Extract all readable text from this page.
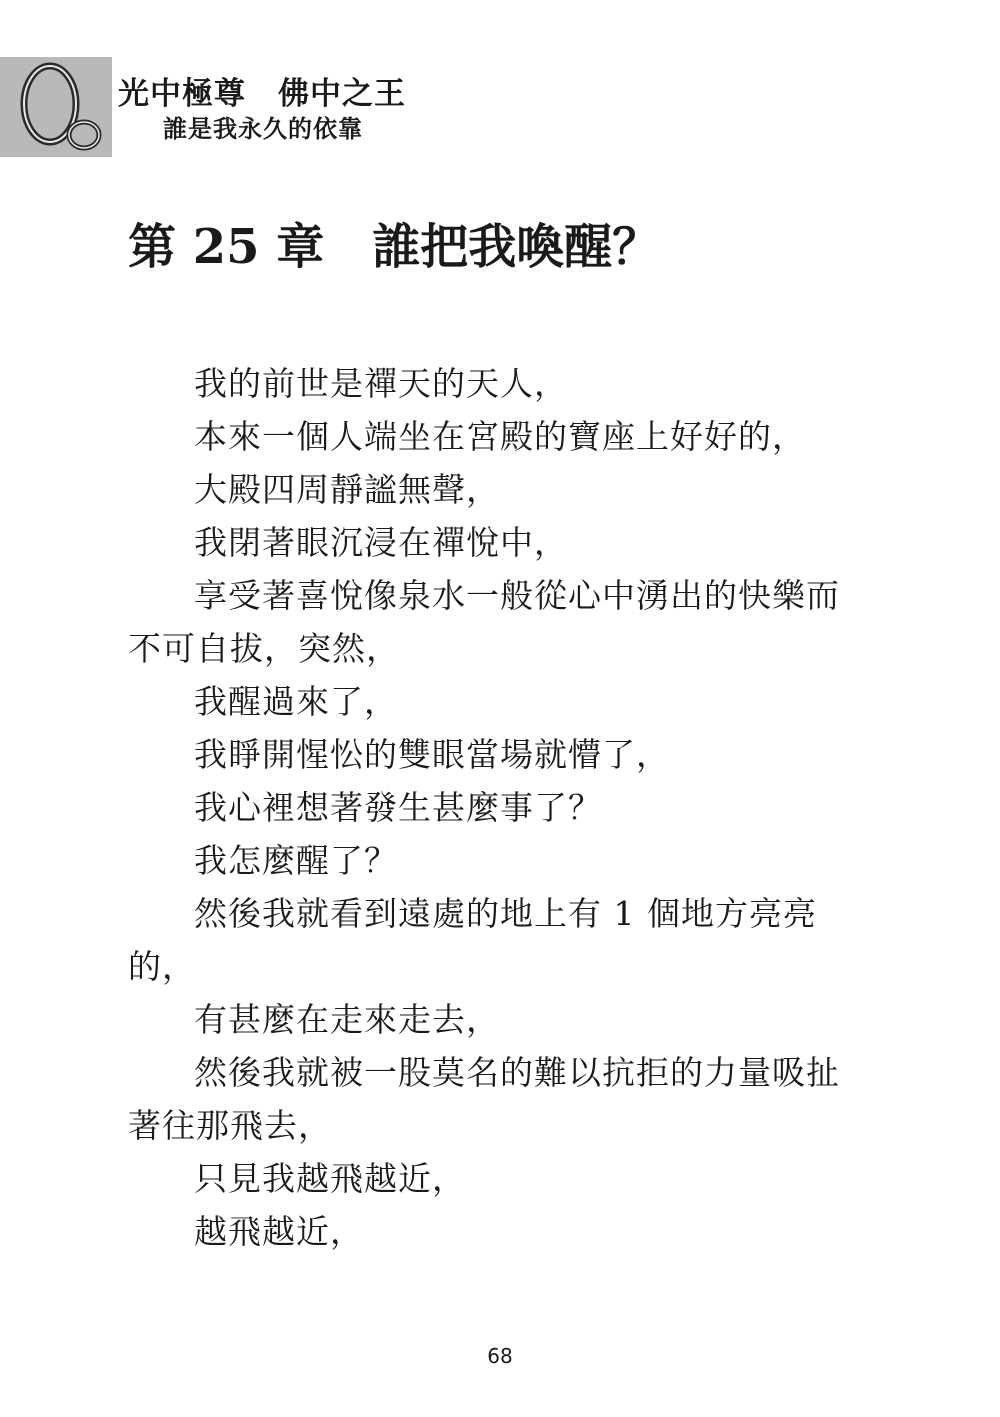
光中極尊　佛中之王
誰是我永久的依靠
第 25 章　誰把我喚醒？

我的前世是禪天的天人，

本來一個人端坐在宮殿的寶座上好好的，

大殿四周靜謐無聲，

我閉著眼沉浸在禪悅中，

享受著喜悅像泉水一般從心中湧出的快樂而不可自拔，突然，

我醒過來了，

我睜開惺忪的雙眼當場就懵了，

我心裡想著發生甚麼事了？

我怎麼醒了？

然後我就看到遠處的地上有 1 個地方亮亮的，

有甚麼在走來走去，

然後我就被一股莫名的難以抗拒的力量吸扯著往那飛去，

只見我越飛越近，

越飛越近，

68
